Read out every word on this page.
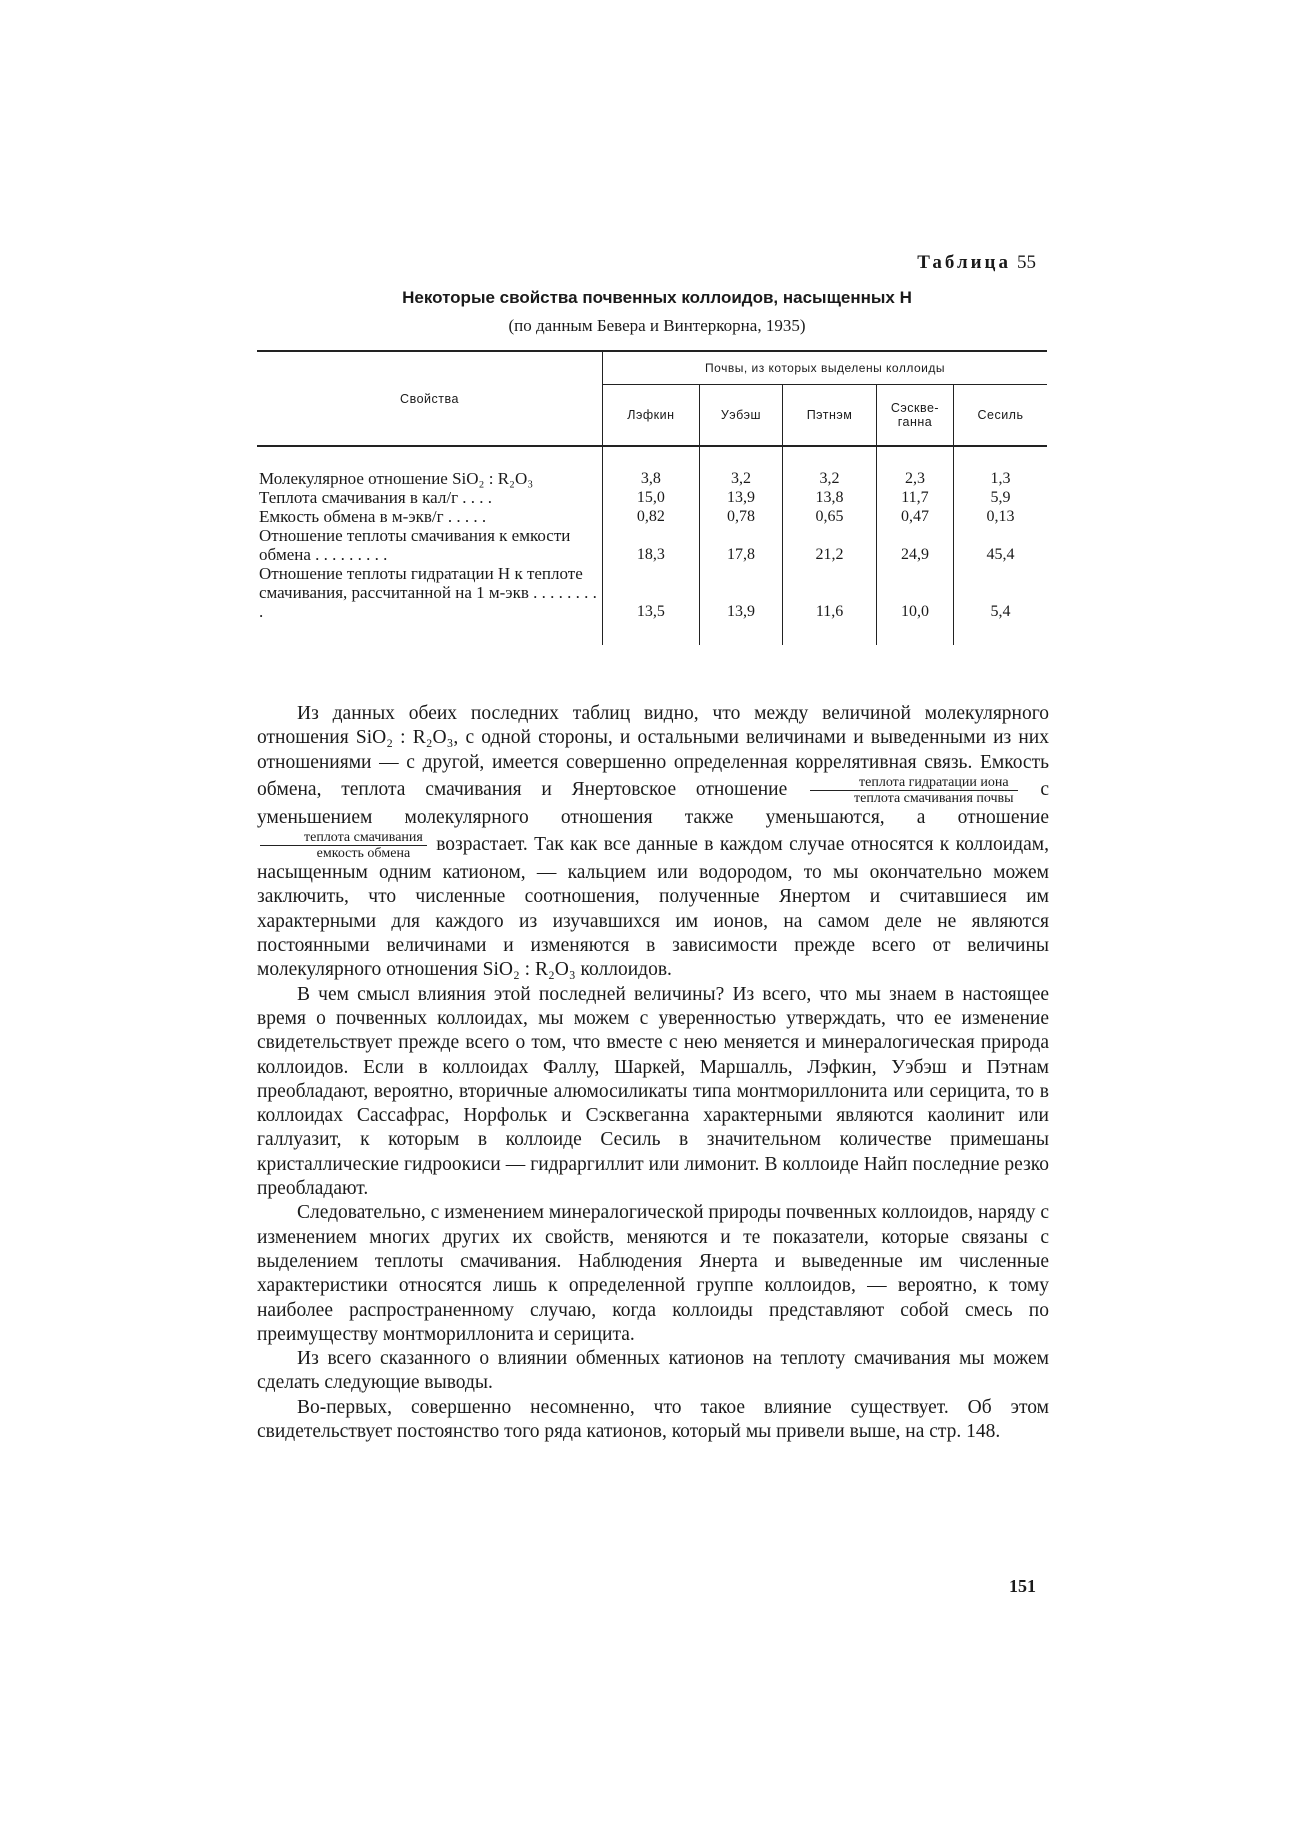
Таблица 55
Некоторые свойства почвенных коллоидов, насыщенных Н
(по данным Бевера и Винтеркорна, 1935)
Свойства	Почвы, из которых выделены коллоиды				
	Лэфкин	Уэбэш	Пэтнэм	Сэскве-ганна	Сесиль
Молекулярное отношение SiO₂ : R₂O₃	3,8	3,2	3,2	2,3	1,3
Теплота смачивания в кал/г . . . .	15,0	13,9	13,8	11,7	5,9
Емкость обмена в м-экв/г . . . . .	0,82	0,78	0,65	0,47	0,13
Отношение теплоты смачивания к емкости обмена . . . . . . . . .	18,3	17,8	21,2	24,9	45,4
Отношение теплоты гидратации Н к теплоте смачивания, рассчитанной на 1 м-экв . . . . . . . . .	13,5	13,9	11,6	10,0	5,4

Из данных обеих последних таблиц видно, что между величиной молекулярного отношения SiO₂ : R₂O₃, с одной стороны, и остальными величинами и выведенными из них отношениями — с другой, имеется совершенно определенная коррелятивная связь. Емкость обмена, теплота смачивания и Янертовское отношение $\frac{\text{теплота гидратации иона}}{\text{теплота смачивания почвы}}$ с уменьшением молекулярного отношения также уменьшаются, а отношение
$\frac{\text{теплота смачивания}}{\text{емкость обмена}}$ возрастает. Так как все данные в каждом случае относятся к коллоидам, насыщенным одним катионом, — кальцием или водородом, то мы окончательно можем заключить, что численные соотношения, полученные Янертом и считавшиеся им характерными для каждого из изучавшихся им ионов, на самом деле не являются постоянными величинами и изменяются в зависимости прежде всего от величины молекулярного отношения SiO₂ : R₂O₃ коллоидов.

В чем смысл влияния этой последней величины? Из всего, что мы знаем в настоящее время о почвенных коллоидах, мы можем с уверенностью утверждать, что ее изменение свидетельствует прежде всего о том, что вместе с нею меняется и минералогическая природа коллоидов. Если в коллоидах Фаллу, Шаркей, Маршалль, Лэфкин, Уэбэш и Пэтнам преобладают, вероятно, вторичные алюмосиликаты типа монтмориллонита или серицита, то в коллоидах Сассафрас, Норфольк и Сэсквеганна характерными являются каолинит или галлуазит, к которым в коллоиде Сесиль в значительном количестве примешаны кристаллические гидроокиси — гидраргиллит или лимонит. В коллоиде Найп последние резко преобладают.

Следовательно, с изменением минералогической природы почвенных коллоидов, наряду с изменением многих других их свойств, меняются и те показатели, которые связаны с выделением теплоты смачивания. Наблюдения Янерта и выведенные им численные характеристики относятся лишь к определенной группе коллоидов, — вероятно, к тому наиболее распространенному случаю, когда коллоиды представляют собой смесь по преимуществу монтмориллонита и серицита.

Из всего сказанного о влиянии обменных катионов на теплоту смачивания мы можем сделать следующие выводы.

Во-первых, совершенно несомненно, что такое влияние существует. Об этом свидетельствует постоянство того ряда катионов, который мы привели выше, на стр. 148.

151
